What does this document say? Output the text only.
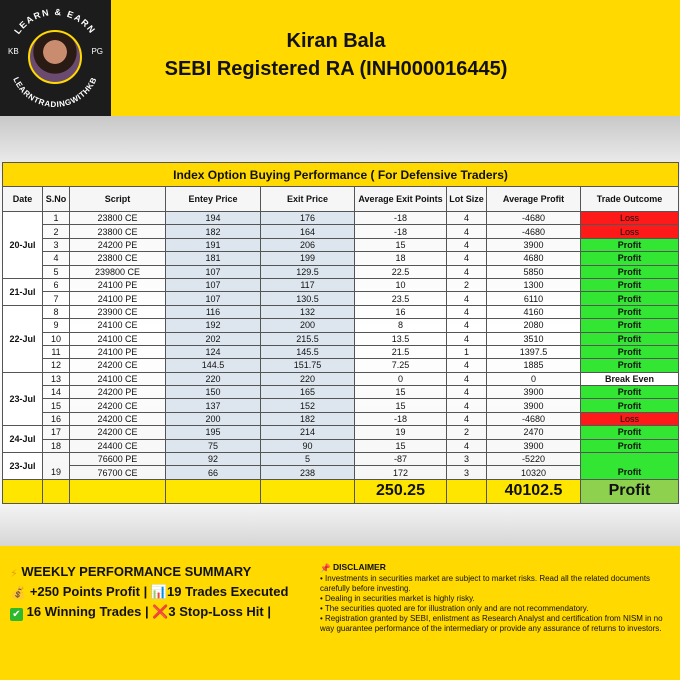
LEARN & EARN
LEARNTRADINGWITHKB
KB	PG	Kiran Bala
SEBI Registered RA (INH000016445)
Index Option Buying Performance ( For Defensive Traders)								
Date	S.No	Script	Entey Price	Exit Price	Average Exit Points	Lot Size	Average Profit	Trade Outcome
20-Jul	1	23800 CE	194	176	-18	4	-4680	Loss
	2	23800 CE	182	164	-18	4	-4680	Loss
	3	24200 PE	191	206	15	4	3900	Profit
	4	23800 CE	181	199	18	4	4680	Profit
	5	239800 CE	107	129.5	22.5	4	5850	Profit
21-Jul	6	24100 PE	107	117	10	2	1300	Profit
	7	24100 PE	107	130.5	23.5	4	6110	Profit
22-Jul	8	23900 CE	116	132	16	4	4160	Profit
	9	24100 CE	192	200	8	4	2080	Profit
	10	24100 CE	202	215.5	13.5	4	3510	Profit
	11	24100 PE	124	145.5	21.5	1	1397.5	Profit
	12	24200 CE	144.5	151.75	7.25	4	1885	Profit
23-Jul	13	24100 CE	220	220	0	4	0	Break Even
	14	24200 PE	150	165	15	4	3900	Profit
	15	24200 CE	137	152	15	4	3900	Profit
	16	24200 CE	200	182	-18	4	-4680	Loss
24-Jul	17	24200 CE	195	214	19	2	2470	Profit
	18	24400 CE	75	90	15	4	3900	Profit
23-Jul		76600 PE	92	5	-87	3	-5220	
	19	76700 CE	66	238	172	3	10320	Profit
					250.25		40102.5	Profit
⚡ WEEKLY PERFORMANCE SUMMARY
💰 +250 Points Profit | 📊19 Trades Executed
✔ 16 Winning Trades | ❌3 Stop-Loss Hit |
📌 DISCLAIMER

• Investments in securities market are subject to market risks. Read all the related documents carefully before investing.

• Dealing in securities market is highly risky.

• The securities quoted are for illustration only and are not recommendatory.

• Registration granted by SEBI, enlistment as Research Analyst and certification from NISM in no way guarantee performance of the intermediary or provide any assurance of returns to investors.
